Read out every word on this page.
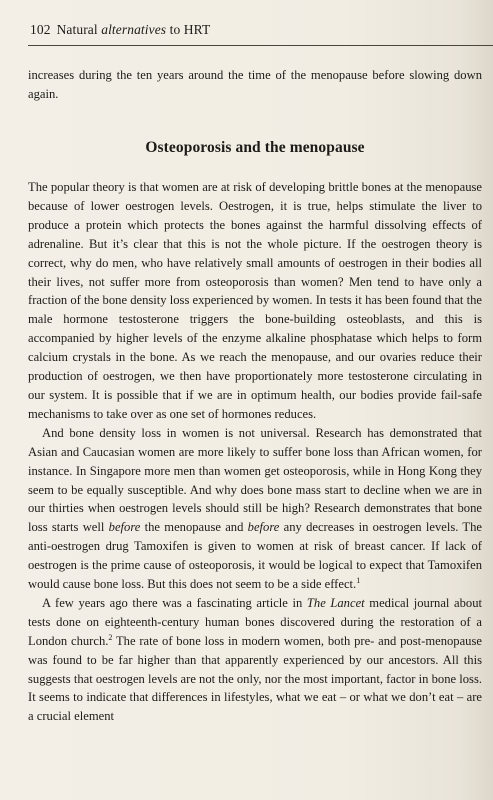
102 Natural alternatives to HRT

increases during the ten years around the time of the menopause before slowing down again.

Osteoporosis and the menopause

The popular theory is that women are at risk of developing brittle bones at the menopause because of lower oestrogen levels. Oestrogen, it is true, helps stimulate the liver to produce a protein which protects the bones against the harmful dissolving effects of adrenaline. But it’s clear that this is not the whole picture. If the oestrogen theory is correct, why do men, who have relatively small amounts of oestrogen in their bodies all their lives, not suffer more from osteoporosis than women? Men tend to have only a fraction of the bone density loss experienced by women. In tests it has been found that the male hormone testosterone triggers the bone-building osteoblasts, and this is accompanied by higher levels of the enzyme alkaline phosphatase which helps to form calcium crystals in the bone. As we reach the menopause, and our ovaries reduce their production of oestrogen, we then have proportionately more testosterone circulating in our system. It is possible that if we are in optimum health, our bodies provide fail-safe mechanisms to take over as one set of hormones reduces.

And bone density loss in women is not universal. Research has demonstrated that Asian and Caucasian women are more likely to suffer bone loss than African women, for instance. In Singapore more men than women get osteoporosis, while in Hong Kong they seem to be equally susceptible. And why does bone mass start to decline when we are in our thirties when oestrogen levels should still be high? Research demonstrates that bone loss starts well before the menopause and before any decreases in oestrogen levels. The anti-oestrogen drug Tamoxifen is given to women at risk of breast cancer. If lack of oestrogen is the prime cause of osteoporosis, it would be logical to expect that Tamoxifen would cause bone loss. But this does not seem to be a side effect.$^1$

A few years ago there was a fascinating article in The Lancet medical journal about tests done on eighteenth-century human bones discovered during the restoration of a London church.$^2$ The rate of bone loss in modern women, both pre- and post-menopause was found to be far higher than that apparently experienced by our ancestors. All this suggests that oestrogen levels are not the only, nor the most important, factor in bone loss. It seems to indicate that differences in lifestyles, what we eat – or what we don’t eat – are a crucial element
